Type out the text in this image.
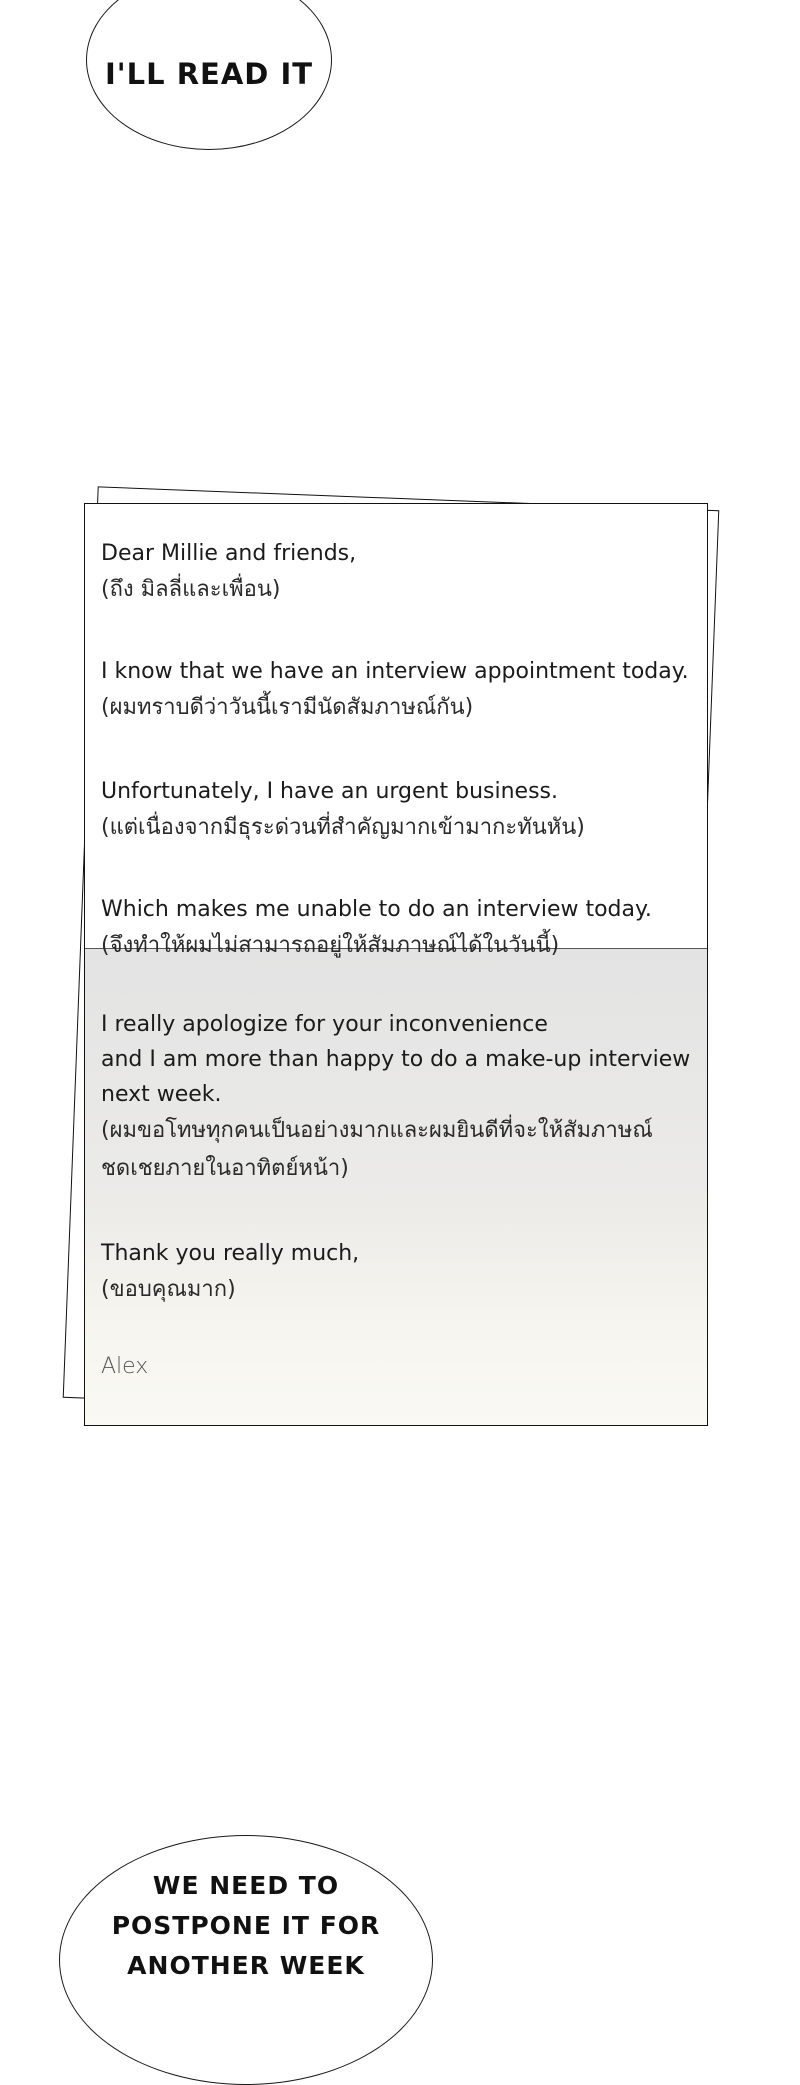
I'LL READ IT

Dear Millie and friends,

(ถึง มิลลี่และเพื่อน)

I know that we have an interview appointment today.

(ผมทราบดีว่าวันนี้เรามีนัดสัมภาษณ์กัน)

Unfortunately, I have an urgent business.

(แต่เนื่องจากมีธุระด่วนที่สำคัญมากเข้ามากะทันหัน)

Which makes me unable to do an interview today.

(จึงทำให้ผมไม่สามารถอยู่ให้สัมภาษณ์ได้ในวันนี้)

I really apologize for your inconvenience
and I am more than happy to do a make-up interview
next week.

(ผมขอโทษทุกคนเป็นอย่างมากและผมยินดีที่จะให้สัมภาษณ์
ชดเชยภายในอาทิตย์หน้า)

Thank you really much,

(ขอบคุณมาก)

Alex
WE NEED TO
POSTPONE IT FOR
ANOTHER WEEK
